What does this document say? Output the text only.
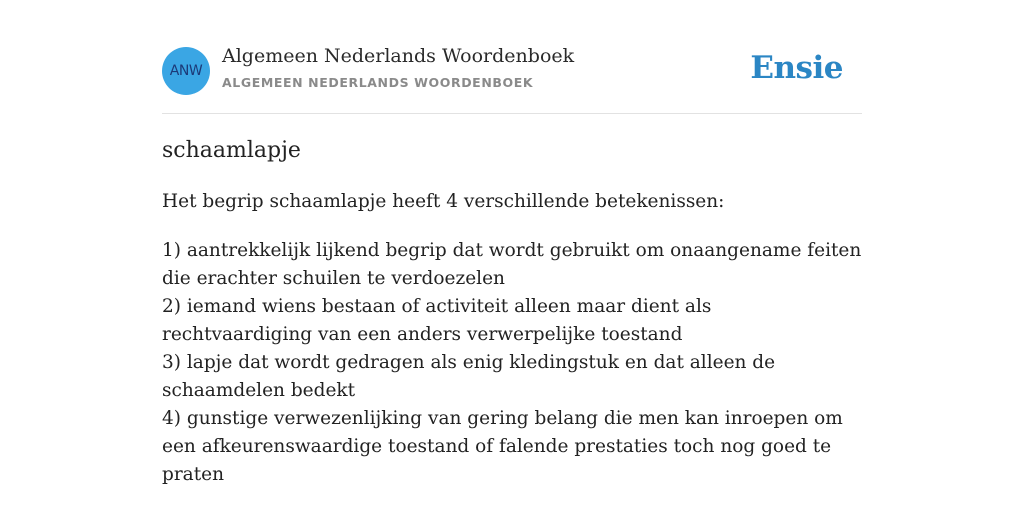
ANW
Algemeen Nederlands Woordenboek
ALGEMEEN NEDERLANDS WOORDENBOEK	Ensie
schaamlapje
Het begrip schaamlapje heeft 4 verschillende betekenissen:
1) aantrekkelijk lijkend begrip dat wordt gebruikt om onaangename feiten die erachter schuilen te verdoezelen
2) iemand wiens bestaan of activiteit alleen maar dient als rechtvaardiging van een anders verwerpelijke toestand
3) lapje dat wordt gedragen als enig kledingstuk en dat alleen de schaamdelen bedekt
4) gunstige verwezenlijking van gering belang die men kan inroepen om een afkeurenswaardige toestand of falende prestaties toch nog goed te praten
